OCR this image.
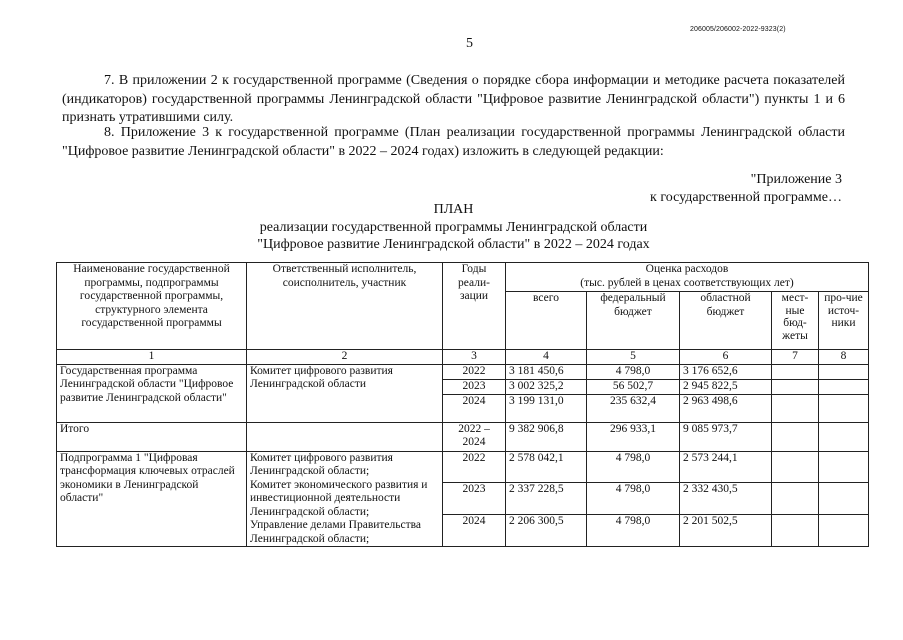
206005/206002-2022-9323(2)
5

7. В приложении 2 к государственной программе (Сведения о порядке сбора информации и методике расчета показателей (индикаторов) государственной программы Ленинградской области "Цифровое развитие Ленинградской области") пункты 1 и 6 признать утратившими силу.

8. Приложение 3 к государственной программе (План реализации государственной программы Ленинградской области "Цифровое развитие Ленинградской области" в 2022 – 2024 годах) изложить в следующей редакции:

"Приложение 3
к государственной программе…
ПЛАН
реализации государственной программы Ленинградской области
"Цифровое развитие Ленинградской области" в 2022 – 2024 годах
Наименование государственной программы, подпрограммы государственной программы, структурного элемента государственной программы	Ответственный исполнитель, соисполнитель, участник	Годы реали-зации	Оценка расходов
(тыс. рублей в ценах соответствующих лет)				

			всего	федеральный бюджет	областной бюджет	мест-ные бюд-жеты	про-чие источ-ники
1	2	3	4	5	6	7	8
Государственная программа Ленинградской области "Цифровое развитие Ленинградской области"	Комитет цифрового развития Ленинградской области	2022	3 181 450,6	4 798,0	3 176 652,6		
		2023	3 002 325,2	56 502,7	2 945 822,5		
		2024	3 199 131,0	235 632,4	2 963 498,6		
Итого		2022 – 2024	9 382 906,8	296 933,1	9 085 973,7		
Подпрограмма 1 "Цифровая трансформация ключевых отраслей экономики в Ленинградской области"	Комитет цифрового развития Ленинградской области;
Комитет экономического развития и инвестиционной деятельности Ленинградской области;
Управление делами Правительства Ленинградской области;	2022	2 578 042,1	4 798,0	2 573 244,1		
		2023	2 337 228,5	4 798,0	2 332 430,5		
		2024	2 206 300,5	4 798,0	2 201 502,5		
